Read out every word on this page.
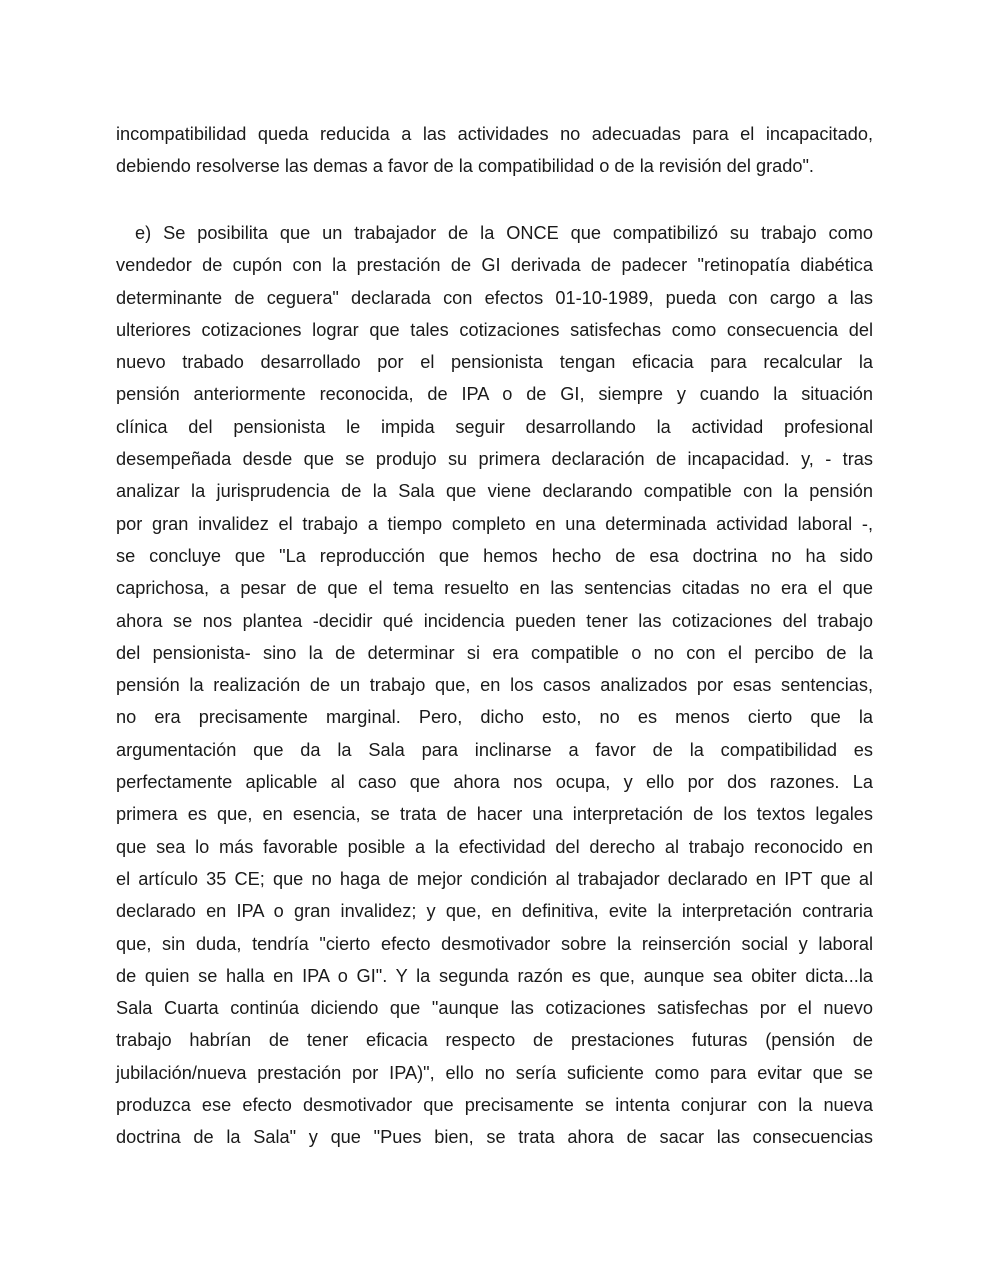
incompatibilidad queda reducida a las actividades no adecuadas para el incapacitado,
debiendo resolverse las demas a favor de la compatibilidad o de la revisión del grado".
e) Se posibilita que un trabajador de la ONCE que compatibilizó su trabajo como
vendedor de cupón con la prestación de GI derivada de padecer "retinopatía diabética
determinante de ceguera" declarada con efectos 01-10-1989, pueda con cargo a las
ulteriores cotizaciones lograr que tales cotizaciones satisfechas como consecuencia del
nuevo trabado desarrollado por el pensionista tengan eficacia para recalcular la
pensión anteriormente reconocida, de IPA o de GI, siempre y cuando la situación
clínica del pensionista le impida seguir desarrollando la actividad profesional
desempeñada desde que se produjo su primera declaración de incapacidad. y, - tras
analizar la jurisprudencia de la Sala que viene declarando compatible con la pensión
por gran invalidez el trabajo a tiempo completo en una determinada actividad laboral -,
se concluye que "La reproducción que hemos hecho de esa doctrina no ha sido
caprichosa, a pesar de que el tema resuelto en las sentencias citadas no era el que
ahora se nos plantea -decidir qué incidencia pueden tener las cotizaciones del trabajo
del pensionista- sino la de determinar si era compatible o no con el percibo de la
pensión la realización de un trabajo que, en los casos analizados por esas sentencias,
no era precisamente marginal. Pero, dicho esto, no es menos cierto que la
argumentación que da la Sala para inclinarse a favor de la compatibilidad es
perfectamente aplicable al caso que ahora nos ocupa, y ello por dos razones. La
primera es que, en esencia, se trata de hacer una interpretación de los textos legales
que sea lo más favorable posible a la efectividad del derecho al trabajo reconocido en
el artículo 35 CE; que no haga de mejor condición al trabajador declarado en IPT que al
declarado en IPA o gran invalidez; y que, en definitiva, evite la interpretación contraria
que, sin duda, tendría "cierto efecto desmotivador sobre la reinserción social y laboral
de quien se halla en IPA o GI". Y la segunda razón es que, aunque sea obiter dicta...la
Sala Cuarta continúa diciendo que "aunque las cotizaciones satisfechas por el nuevo
trabajo habrían de tener eficacia respecto de prestaciones futuras (pensión de
jubilación/nueva prestación por IPA)", ello no sería suficiente como para evitar que se
produzca ese efecto desmotivador que precisamente se intenta conjurar con la nueva
doctrina de la Sala" y que "Pues bien, se trata ahora de sacar las consecuencias
